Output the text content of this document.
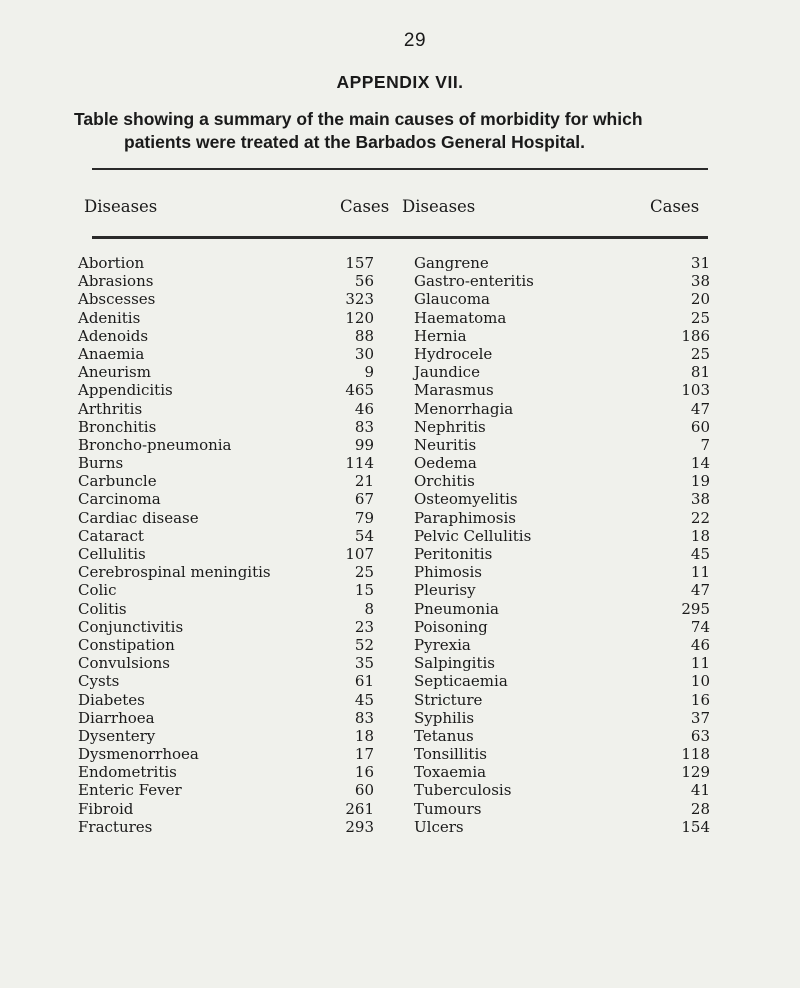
29
APPENDIX VII.
Table showing a summary of the main causes of morbidity for which
patients were treated at the Barbados General Hospital.
Diseases	Cases Diseases	Cases
Abortion	157	Gangrene	31
Abrasions	56	Gastro-enteritis	38
Abscesses	323	Glaucoma	20
Adenitis	120	Haematoma	25
Adenoids	88	Hernia	186
Anaemia	30	Hydrocele	25
Aneurism	9	Jaundice	81
Appendicitis	465	Marasmus	103
Arthritis	46	Menorrhagia	47
Bronchitis	83	Nephritis	60
Broncho-pneumonia	99	Neuritis	7
Burns	114	Oedema	14
Carbuncle	21	Orchitis	19
Carcinoma	67	Osteomyelitis	38
Cardiac disease	79	Paraphimosis	22
Cataract	54	Pelvic Cellulitis	18
Cellulitis	107	Peritonitis	45
Cerebrospinal meningitis	25	Phimosis	11
Colic	15	Pleurisy	47
Colitis	8	Pneumonia	295
Conjunctivitis	23	Poisoning	74
Constipation	52	Pyrexia	46
Convulsions	35	Salpingitis	11
Cysts	61	Septicaemia	10
Diabetes	45	Stricture	16
Diarrhoea	83	Syphilis	37
Dysentery	18	Tetanus	63
Dysmenorrhoea	17	Tonsillitis	118
Endometritis	16	Toxaemia	129
Enteric Fever	60	Tuberculosis	41
Fibroid	261	Tumours	28
Fractures	293	Ulcers	154
